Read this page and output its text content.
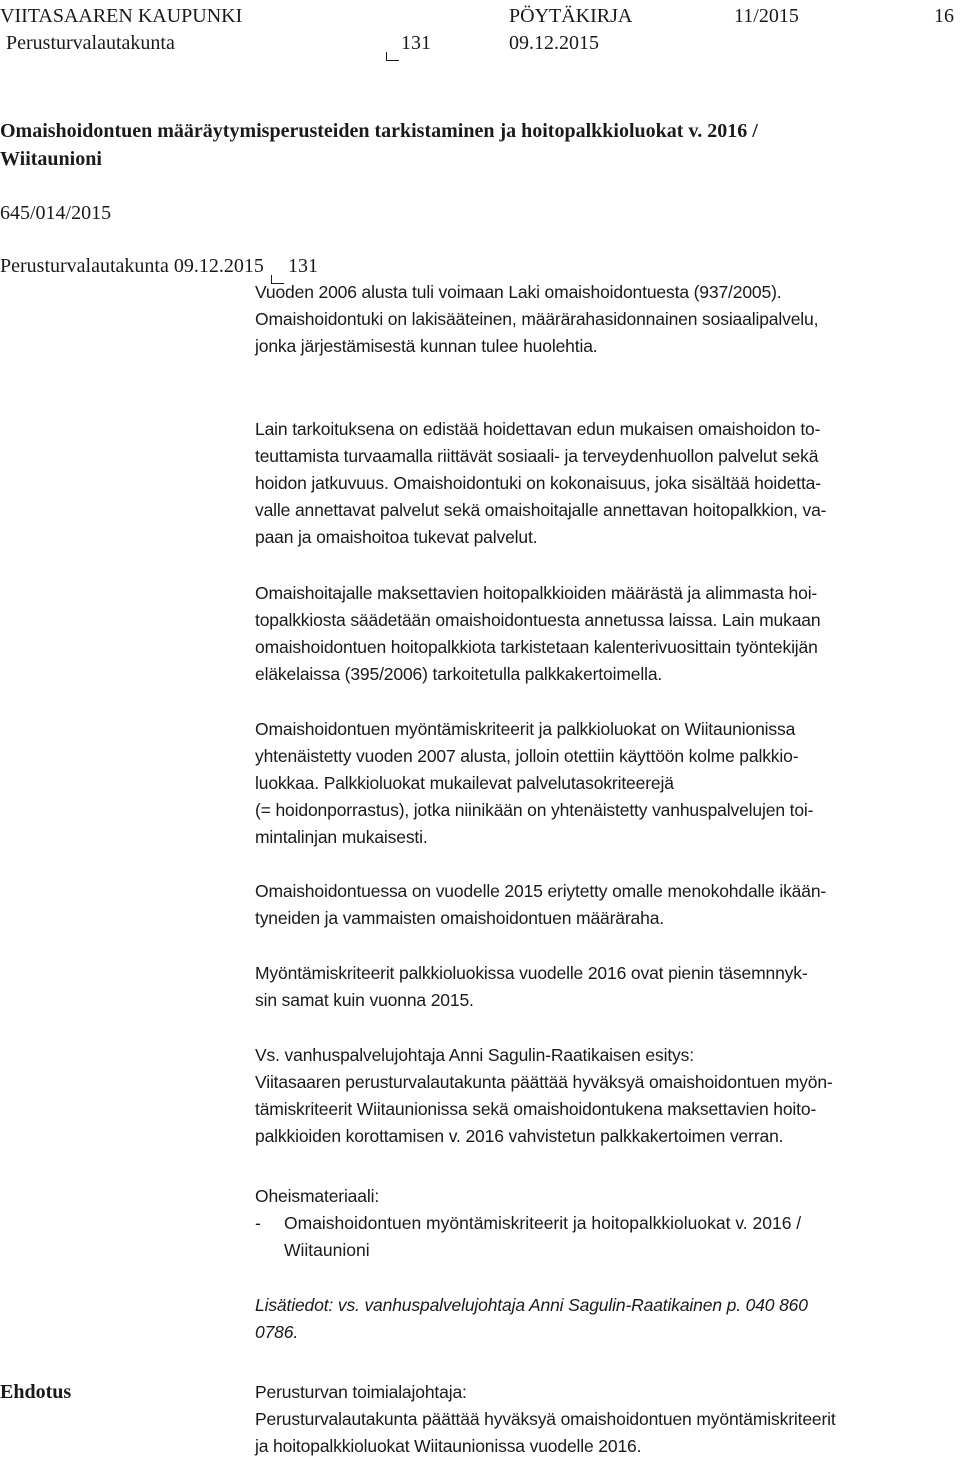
VIITASAAREN KAUPUNKI	PÖYTÄKIRJA	11/2015	16
Perusturvalautakunta	131	09.12.2015
Omaishoidontuen määräytymisperusteiden tarkistaminen ja hoitopalkkioluokat v. 2016 /
Wiitaunioni
645/014/2015
Perusturvalautakunta 09.12.2015 131
Vuoden 2006 alusta tuli voimaan Laki omaishoidontuesta (937/2005).
Omaishoidontuki on lakisääteinen, määrärahasidonnainen sosiaalipalvelu,
jonka järjestämisestä kunnan tulee huolehtia.
Lain tarkoituksena on edistää hoidettavan edun mukaisen omaishoidon to-
teuttamista turvaamalla riittävät sosiaali- ja terveydenhuollon palvelut sekä
hoidon jatkuvuus. Omaishoidontuki on kokonaisuus, joka sisältää hoidetta-
valle annettavat palvelut sekä omaishoitajalle annettavan hoitopalkkion, va-
paan ja omaishoitoa tukevat palvelut.
Omaishoitajalle maksettavien hoitopalkkioiden määrästä ja alimmasta hoi-
topalkkiosta säädetään omaishoidontuesta annetussa laissa. Lain mukaan
omaishoidontuen hoitopalkkiota tarkistetaan kalenterivuosittain työntekijän
eläkelaissa (395/2006) tarkoitetulla palkkakertoimella.
Omaishoidontuen myöntämiskriteerit ja palkkioluokat on Wiitaunionissa
yhtenäistetty vuoden 2007 alusta, jolloin otettiin käyttöön kolme palkkio-
luokkaa. Palkkioluokat mukailevat palvelutasokriteerejä
(= hoidonporrastus), jotka niinikään on yhtenäistetty vanhuspalvelujen toi-
mintalinjan mukaisesti.
Omaishoidontuessa on vuodelle 2015 eriytetty omalle menokohdalle ikään-
tyneiden ja vammaisten omaishoidontuen määräraha.
Myöntämiskriteerit palkkioluokissa vuodelle 2016 ovat pienin täsemnnyk-
sin samat kuin vuonna 2015.
Vs. vanhuspalvelujohtaja Anni Sagulin-Raatikaisen esitys:
Viitasaaren perusturvalautakunta päättää hyväksyä omaishoidontuen myön-
tämiskriteerit Wiitaunionissa sekä omaishoidontukena maksettavien hoito-
palkkioiden korottamisen v. 2016 vahvistetun palkkakertoimen verran.
Oheismateriaali:
- Omaishoidontuen myöntämiskriteerit ja hoitopalkkioluokat v. 2016 /
Wiitaunioni
Lisätiedot: vs. vanhuspalvelujohtaja Anni Sagulin-Raatikainen p. 040 860
0786.
Ehdotus	Perusturvan toimialajohtaja:
Perusturvalautakunta päättää hyväksyä omaishoidontuen myöntämiskriteerit
ja hoitopalkkioluokat Wiitaunionissa vuodelle 2016.
